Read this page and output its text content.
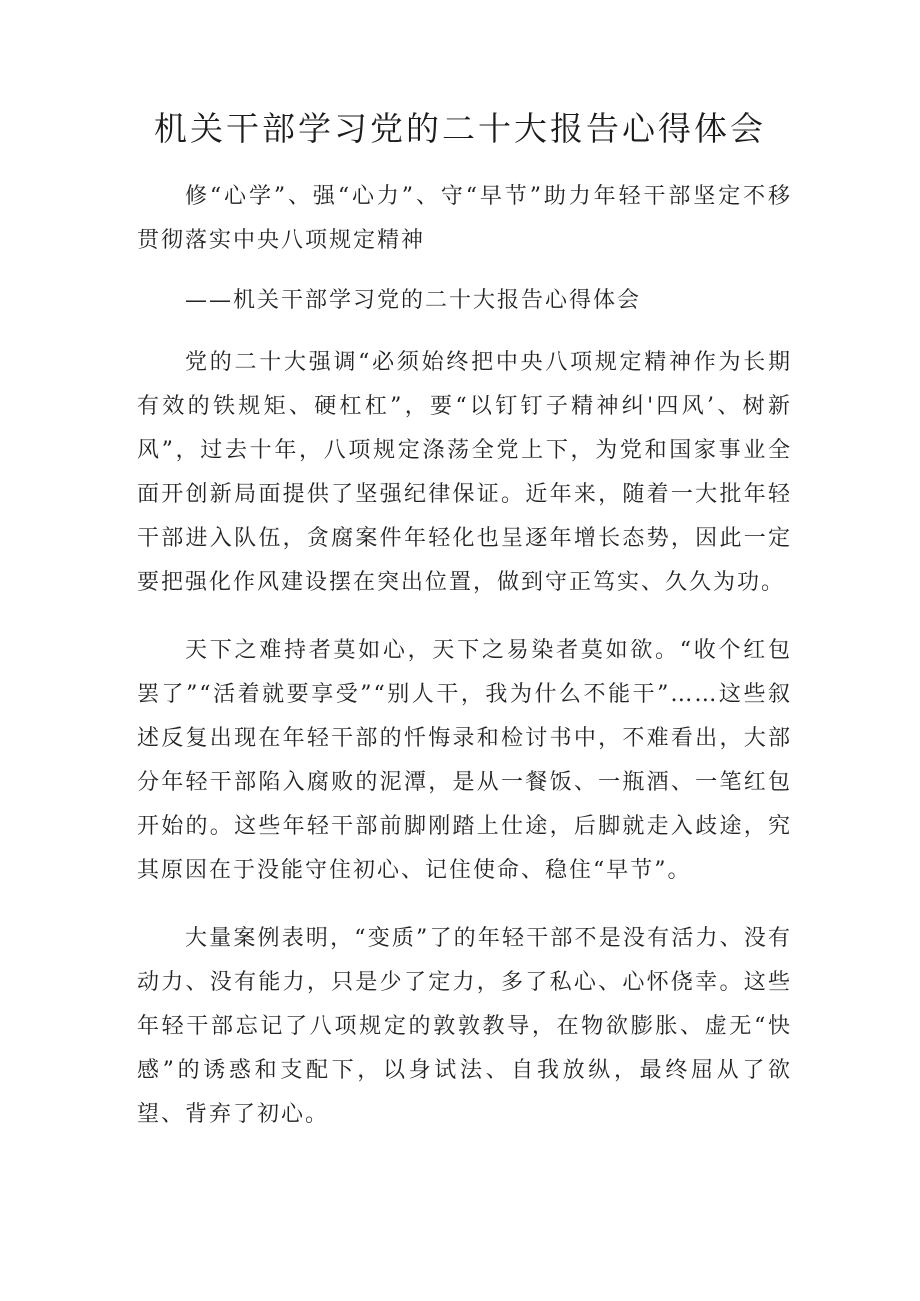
机关干部学习党的二十大报告心得体会

修“心学”、强“心力”、守“早节”助力年轻干部坚定不移贯彻落实中央八项规定精神

——机关干部学习党的二十大报告心得体会

党的二十大强调“必须始终把中央八项规定精神作为长期有效的铁规矩、硬杠杠”，要“以钉钉子精神纠'四风’、树新风”，过去十年，八项规定涤荡全党上下，为党和国家事业全面开创新局面提供了坚强纪律保证。近年来，随着一大批年轻干部进入队伍，贪腐案件年轻化也呈逐年增长态势，因此一定要把强化作风建设摆在突出位置，做到守正笃实、久久为功。

天下之难持者莫如心，天下之易染者莫如欲。“收个红包罢了”“活着就要享受”“别人干，我为什么不能干”……这些叙述反复出现在年轻干部的忏悔录和检讨书中，不难看出，大部分年轻干部陷入腐败的泥潭，是从一餐饭、一瓶酒、一笔红包开始的。这些年轻干部前脚刚踏上仕途，后脚就走入歧途，究其原因在于没能守住初心、记住使命、稳住“早节”。

大量案例表明，“变质”了的年轻干部不是没有活力、没有动力、没有能力，只是少了定力，多了私心、心怀侥幸。这些年轻干部忘记了八项规定的敦敦教导，在物欲膨胀、虚无“快感”的诱惑和支配下，以身试法、自我放纵，最终屈从了欲望、背弃了初心。
